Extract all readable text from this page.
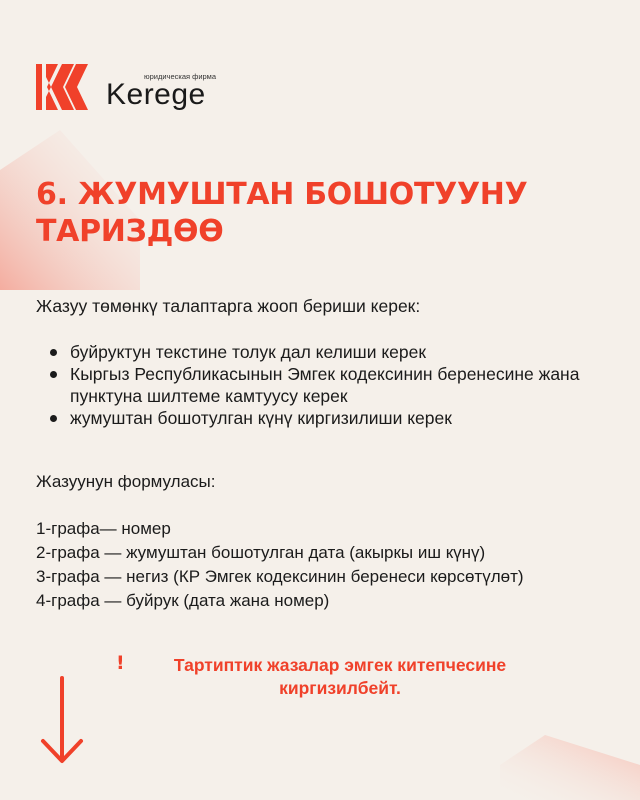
юридическая фирма
Kerege
6. ЖУМУШТАН БОШОТУУНУ
ТАРИЗДӨӨ

Жазуу төмөнкү талаптарга жооп бериши керек:

буйруктун текстине толук дал келиши керек
Кыргыз Республикасынын Эмгек кодексинин беренесине жана пунктуна шилтеме камтуусу керек
жумуштан бошотулган күнү киргизилиши керек

Жазуунун формуласы:

1-графа— номер
2-графа — жумуштан бошотулган дата (акыркы иш күнү)
3-графа — негиз (КР Эмгек кодексинин беренеси көрсөтүлөт)
4-графа — буйрук (дата жана номер)
!	Тартиптик жазалар эмгек китепчесине киргизилбейт.
